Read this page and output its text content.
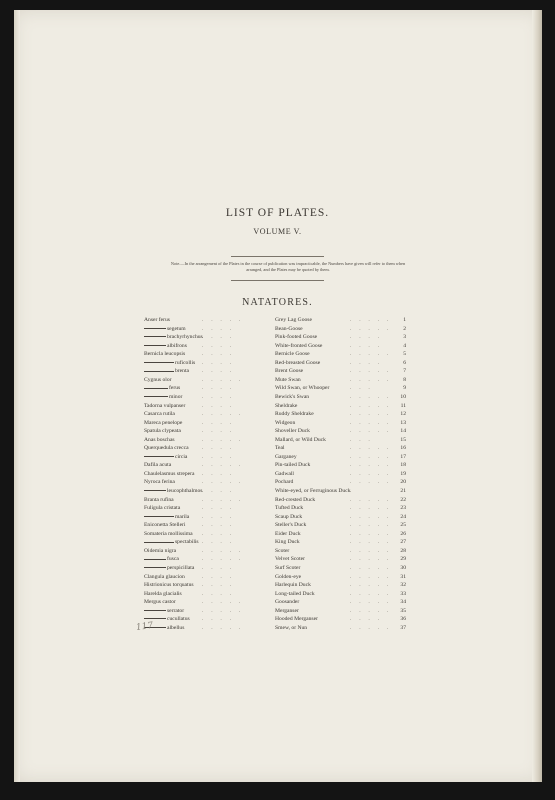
LIST OF PLATES.
VOLUME V.
Note.—In the arrangement of the Plates in the course of publication was impracticable, the Numbers have given will refer to them when arranged, and the Plates may be quoted by them.
NATATORES.
Anser ferus	. . . . .	Grey Lag Goose	. . . . .	1
segetum	. . . .	Bean-Goose	. . . . .	2
brachyrhynchus . . . .	Pink-footed Goose	. . . .	3
albifrons	. . . .	White-fronted Goose	. . . .	4
Bernicla leucopsis	. . . .	Bernicle Goose	. . . . .	5
ruficollis . . . .	Red-breasted Goose	. . . .	6
brenta . . . .	Brent Goose	. . . . .	7
Cygnus olor	. . . . .	Mute Swan	. . . . .	8
ferus	. . . .	Wild Swan, or Whooper	. . .	9
minor	. . . .	Bewick's Swan	. . . . .	10
Tadorna vulpanser	. . . .	Sheldrake	. . . . .	11
Casarca rutila	. . . . .	Ruddy Sheldrake	. . . . .	12
Mareca penelope	. . . .	Widgeon	. . . . .	13
Spatula clypeata	. . . .	Shoveller Duck	. . . . .	14
Anas boschas	. . . . .	Mallard, or Wild Duck	. . .	15
Querquedula crecca . . . .	Teal	. . . . .	16
circia	. . . .	Garganey	. . . . .	17
Dafila acuta	. . . . .	Pin-tailed Duck	. . . . .	18
Chaulelasmus strepera . . . .	Gadwall	. . . . .	19
Nyroca ferina	. . . . .	Pochard	. . . . .	20
leucophthalmos . . . .	White-eyed, or Ferruginous Duck .	21
Branta rufina	. . . . .	Red-crested Duck	. . . . .	22
Fuligula cristata	. . . .	Tufted Duck	. . . . .	23
marila . . . .	Scaup Duck	. . . . .	24
Eniconetta Stelleri	. . . .	Steller's Duck	. . . . .	25
Somateria mollissima . . . .	Eider Duck	. . . . .	26
spectabilis . . . .	King Duck	. . . . .	27
Oidemia nigra	. . . . .	Scoter	. . . . .	28
fusca	. . . . .	Velvet Scoter	. . . . .	29
perspicillata . . . .	Surf Scoter	. . . . .	30
Clangula glaucion	. . . .	Golden-eye	. . . . .	31
Histrionicus torquatus . . . .	Harlequin Duck	. . . . .	32
Harelda glacialis	. . . .	Long-tailed Duck	. . . . .	33
Mergus castor	. . . . .	Goosander	. . . . .	34
serrator	. . . . .	Merganser	. . . . .	35
cucullatus . . . .	Hooded Merganser	. . . .	36
albellus	. . . . .	Smew, or Nun	. . . . .	37
117
